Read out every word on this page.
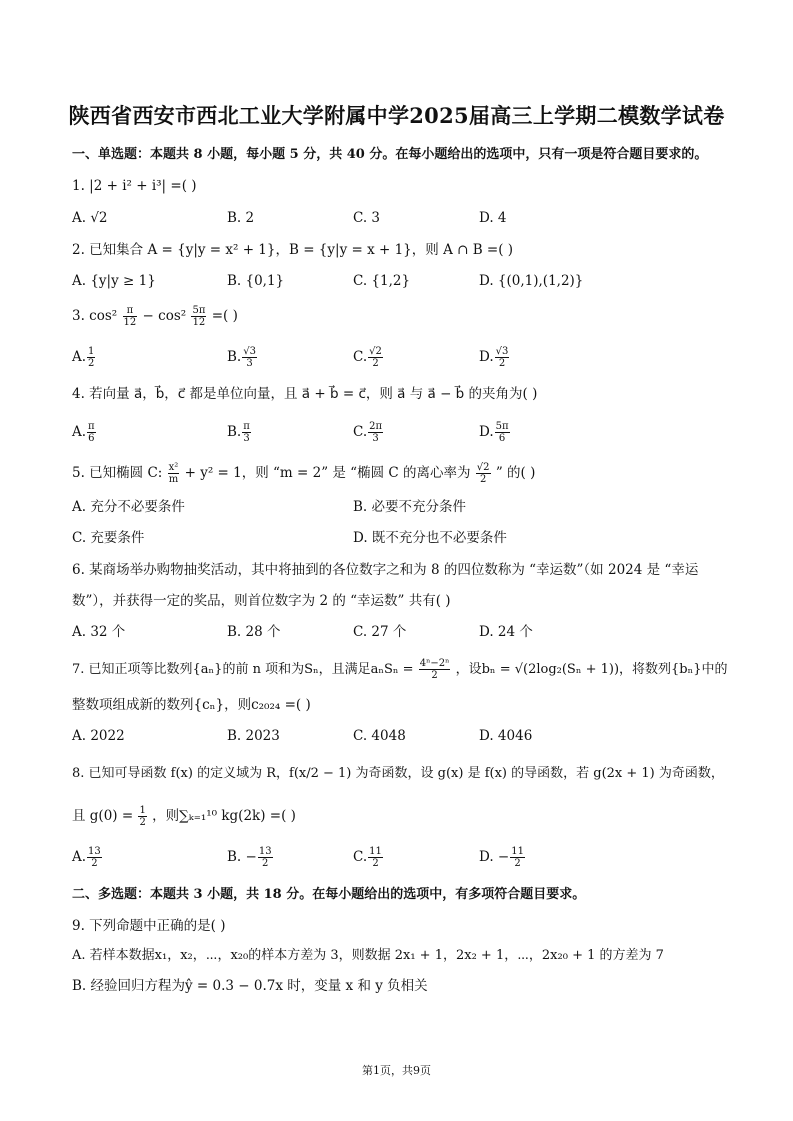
陕西省西安市西北工业大学附属中学2025届高三上学期二模数学试卷
一、单选题：本题共 8 小题，每小题 5 分，共 40 分。在每小题给出的选项中，只有一项是符合题目要求的。
1. |2 + i² + i³| =( )
A. √2	B. 2	C. 3	D. 4
2. 已知集合 A = {y|y = x² + 1}，B = {y|y = x + 1}，则 A ∩ B =( )
A. {y|y ≥ 1}	B. {0,1}	C. {1,2}	D. {(0,1),(1,2)}
3. $\cos^2 \frac{\pi}{12} - \cos^2 \frac{5\pi}{12}$ =( )
A. $\frac{1}{2}$	B. $\frac{√3}{3}$	C. $\frac{√2}{2}$	D. $\frac{√3}{2}$
4. 若向量 a⃗，b⃗，c⃗ 都是单位向量，且 a⃗ + b⃗ = c⃗，则 a⃗ 与 a⃗ − b⃗ 的夹角为( )
A. $\frac{\pi}{6}$	B. $\frac{\pi}{3}$	C. $\frac{2\pi}{3}$	D. $\frac{5\pi}{6}$
5. 已知椭圆 C: $\frac{\text{x²}}{m} + y^2 = 1$，则 “m = 2” 是 “椭圆 C 的离心率为 $\frac{√2}{2}$ ” 的( )
A. 充分不必要条件	B. 必要不充分条件
C. 充要条件	D. 既不充分也不必要条件
6. 某商场举办购物抽奖活动，其中将抽到的各位数字之和为 8 的四位数称为 “幸运数”（如 2024 是 “幸运
数”），并获得一定的奖品，则首位数字为 2 的 “幸运数” 共有( )
A. 32 个	B. 28 个	C. 27 个	D. 24 个
7. 已知正项等比数列{aₙ}的前 n 项和为Sₙ，且满足$a_nS_n = \frac{\text{4ⁿ−2ⁿ}}{2}$ ，设bₙ = √(2log₂(Sₙ + 1))，将数列{bₙ}中的
整数项组成新的数列{cₙ}，则c₂₀₂₄ =( )
A. 2022	B. 2023	C. 4048	D. 4046
8. 已知可导函数 f(x) 的定义域为 R，f(x/2 − 1) 为奇函数，设 g(x) 是 f(x) 的导函数，若 g(2x + 1) 为奇函数，
且 $g(0) = \frac{1}{2}$ ，则∑ₖ₌₁¹⁰ kg(2k) =( )
A. $\frac{13}{2}$	B. − $\frac{13}{2}$	C. $\frac{11}{2}$	D. − $\frac{11}{2}$
二、多选题：本题共 3 小题，共 18 分。在每小题给出的选项中，有多项符合题目要求。
9. 下列命题中正确的是( )
A. 若样本数据x₁，x₂，⋯，x₂₀的样本方差为 3，则数据 2x₁ + 1，2x₂ + 1，⋯，2x₂₀ + 1 的方差为 7
B. 经验回归方程为ŷ = 0.3 − 0.7x 时，变量 x 和 y 负相关
第1页，共9页
